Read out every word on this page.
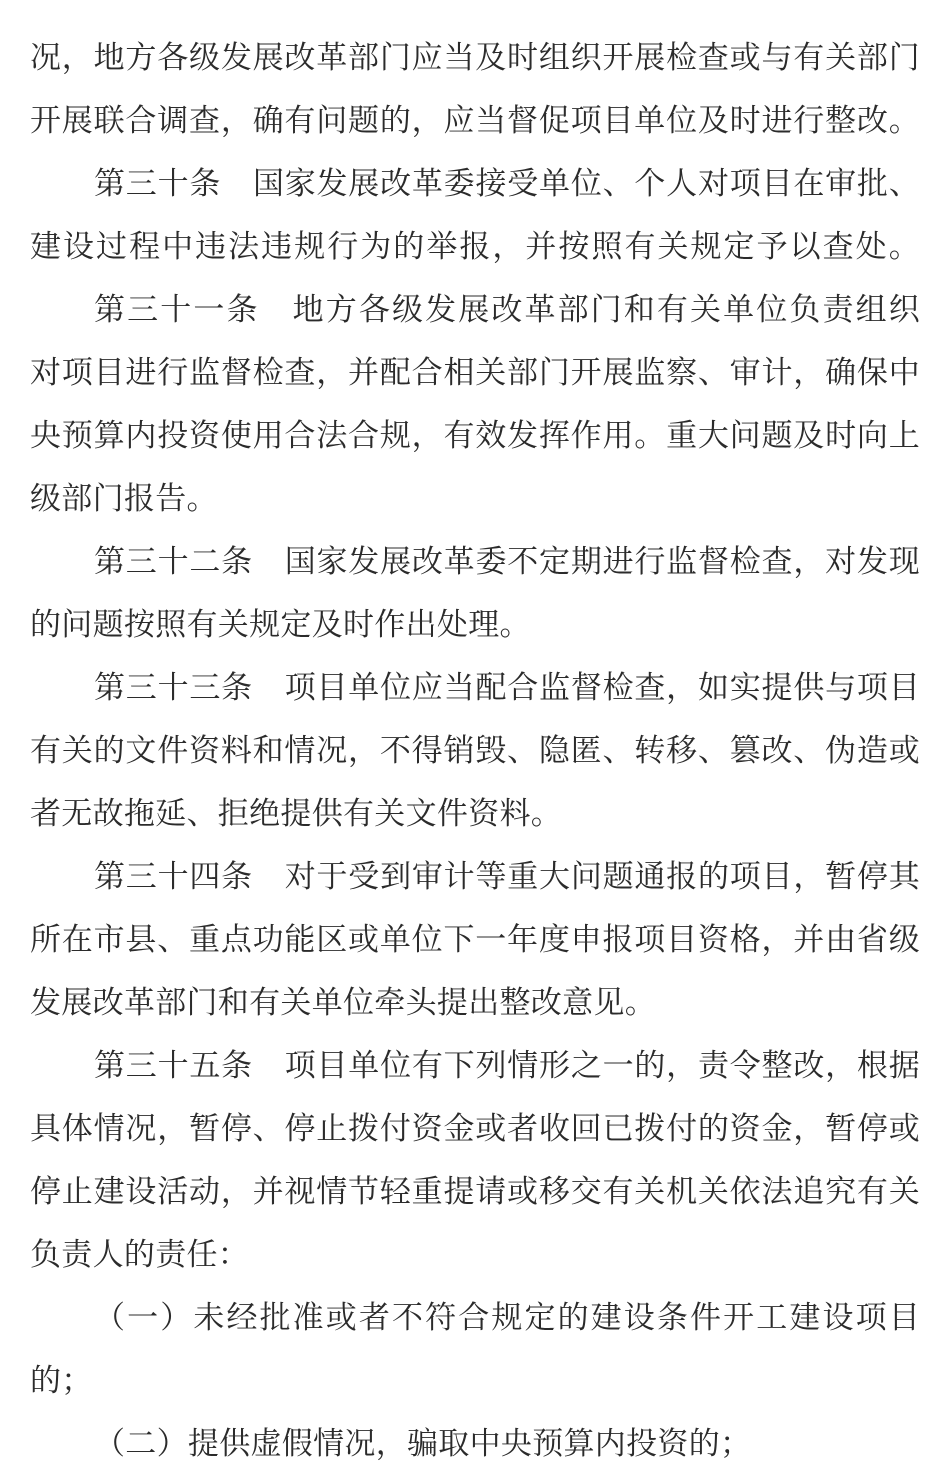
况，地方各级发展改革部门应当及时组织开展检查或与有关部门
开展联合调查，确有问题的，应当督促项目单位及时进行整改。
第三十条　国家发展改革委接受单位、个人对项目在审批、
建设过程中违法违规行为的举报，并按照有关规定予以查处。
第三十一条　地方各级发展改革部门和有关单位负责组织
对项目进行监督检查，并配合相关部门开展监察、审计，确保中
央预算内投资使用合法合规，有效发挥作用。重大问题及时向上
级部门报告。
第三十二条　国家发展改革委不定期进行监督检查，对发现
的问题按照有关规定及时作出处理。
第三十三条　项目单位应当配合监督检查，如实提供与项目
有关的文件资料和情况，不得销毁、隐匿、转移、篡改、伪造或
者无故拖延、拒绝提供有关文件资料。
第三十四条　对于受到审计等重大问题通报的项目，暂停其
所在市县、重点功能区或单位下一年度申报项目资格，并由省级
发展改革部门和有关单位牵头提出整改意见。
第三十五条　项目单位有下列情形之一的，责令整改，根据
具体情况，暂停、停止拨付资金或者收回已拨付的资金，暂停或
停止建设活动，并视情节轻重提请或移交有关机关依法追究有关
负责人的责任：
（一）未经批准或者不符合规定的建设条件开工建设项目
的；
（二）提供虚假情况，骗取中央预算内投资的；
